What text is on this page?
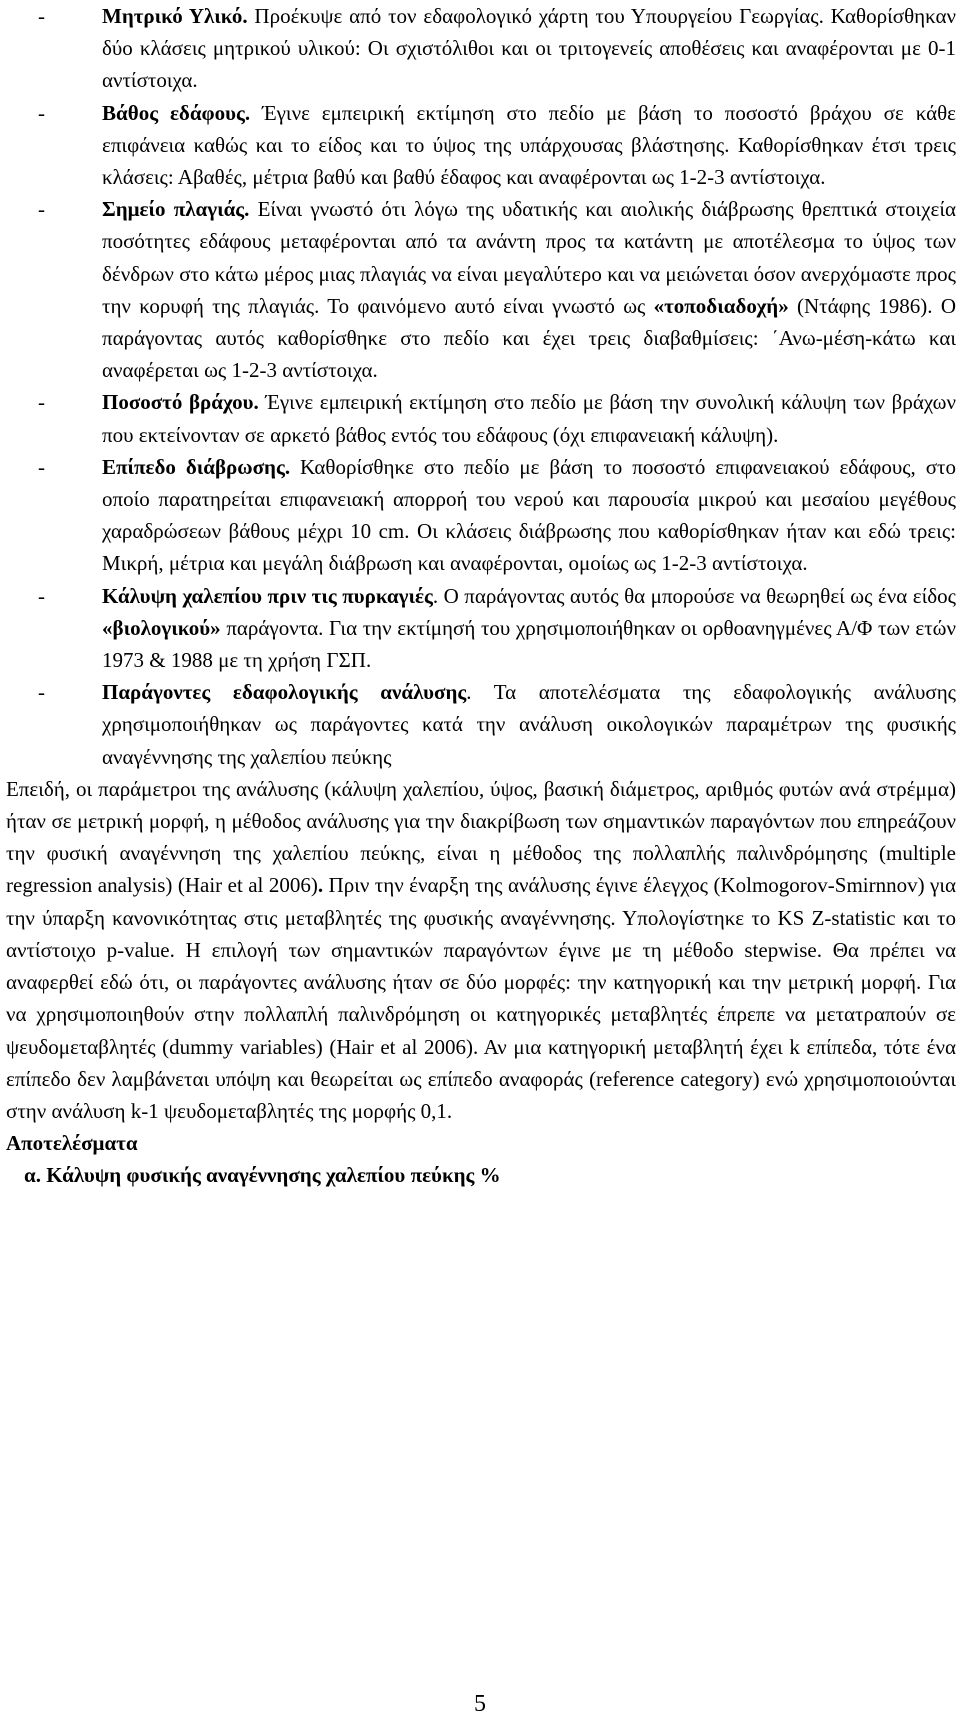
-	Μητρικό Υλικό. Προέκυψε από τον εδαφολογικό χάρτη του Υπουργείου Γεωργίας. Καθορίσθηκαν δύο κλάσεις μητρικού υλικού: Οι σχιστόλιθοι και οι τριτογενείς αποθέσεις και αναφέρονται με 0-1 αντίστοιχα.
-	Βάθος εδάφους. Έγινε εμπειρική εκτίμηση στο πεδίο με βάση το ποσοστό βράχου σε κάθε επιφάνεια καθώς και το είδος και το ύψος της υπάρχουσας βλάστησης. Καθορίσθηκαν έτσι τρεις κλάσεις: Αβαθές, μέτρια βαθύ και βαθύ έδαφος και αναφέρονται ως 1-2-3 αντίστοιχα.
-	Σημείο πλαγιάς. Είναι γνωστό ότι λόγω της υδατικής και αιολικής διάβρωσης θρεπτικά στοιχεία ποσότητες εδάφους μεταφέρονται από τα ανάντη προς τα κατάντη με αποτέλεσμα το ύψος των δένδρων στο κάτω μέρος μιας πλαγιάς να είναι μεγαλύτερο και να μειώνεται όσον ανερχόμαστε προς την κορυφή της πλαγιάς. Το φαινόμενο αυτό είναι γνωστό ως «τοποδιαδοχή» (Ντάφης 1986). Ο παράγοντας αυτός καθορίσθηκε στο πεδίο και έχει τρεις διαβαθμίσεις: ΄Ανω-μέση-κάτω και αναφέρεται ως 1-2-3 αντίστοιχα.
-	Ποσοστό βράχου. Έγινε εμπειρική εκτίμηση στο πεδίο με βάση την συνολική κάλυψη των βράχων που εκτείνονταν σε αρκετό βάθος εντός του εδάφους (όχι επιφανειακή κάλυψη).
-	Επίπεδο διάβρωσης. Καθορίσθηκε στο πεδίο με βάση το ποσοστό επιφανειακού εδάφους, στο οποίο παρατηρείται επιφανειακή απορροή του νερού και παρουσία μικρού και μεσαίου μεγέθους χαραδρώσεων βάθους μέχρι 10 cm. Οι κλάσεις διάβρωσης που καθορίσθηκαν ήταν και εδώ τρεις: Μικρή, μέτρια και μεγάλη διάβρωση και αναφέρονται, ομοίως ως 1-2-3 αντίστοιχα.
-	Κάλυψη χαλεπίου πριν τις πυρκαγιές. Ο παράγοντας αυτός θα μπορούσε να θεωρηθεί ως ένα είδος «βιολογικού» παράγοντα. Για την εκτίμησή του χρησιμοποιήθηκαν οι ορθοανηγμένες Α/Φ των ετών 1973 & 1988 με τη χρήση ΓΣΠ.
-	Παράγοντες εδαφολογικής ανάλυσης. Τα αποτελέσματα της εδαφολογικής ανάλυσης χρησιμοποιήθηκαν ως παράγοντες κατά την ανάλυση οικολογικών παραμέτρων της φυσικής αναγέννησης της χαλεπίου πεύκης
Επειδή, οι παράμετροι της ανάλυσης (κάλυψη χαλεπίου, ύψος, βασική διάμετρος, αριθμός φυτών ανά στρέμμα) ήταν σε μετρική μορφή, η μέθοδος ανάλυσης για την διακρίβωση των σημαντικών παραγόντων που επηρεάζουν την φυσική αναγέννηση της χαλεπίου πεύκης, είναι η μέθοδος της πολλαπλής παλινδρόμησης (multiple regression analysis) (Hair et al 2006). Πριν την έναρξη της ανάλυσης έγινε έλεγχος (Kolmogorov-Smirnnov) για την ύπαρξη κανονικότητας στις μεταβλητές της φυσικής αναγέννησης. Υπολογίστηκε το KS Z-statistic και το αντίστοιχο p-value. Η επιλογή των σημαντικών παραγόντων έγινε με τη μέθοδο stepwise. Θα πρέπει να αναφερθεί εδώ ότι, οι παράγοντες ανάλυσης ήταν σε δύο μορφές: την κατηγορική και την μετρική μορφή. Για να χρησιμοποιηθούν στην πολλαπλή παλινδρόμηση οι κατηγορικές μεταβλητές έπρεπε να μετατραπούν σε ψευδομεταβλητές (dummy variables) (Hair et al 2006). Αν μια κατηγορική μεταβλητή έχει k επίπεδα, τότε ένα επίπεδο δεν λαμβάνεται υπόψη και θεωρείται ως επίπεδο αναφοράς (reference category) ενώ χρησιμοποιούνται στην ανάλυση k-1 ψευδομεταβλητές της μορφής 0,1.
Αποτελέσματα
α. Κάλυψη φυσικής αναγέννησης χαλεπίου πεύκης %
5
